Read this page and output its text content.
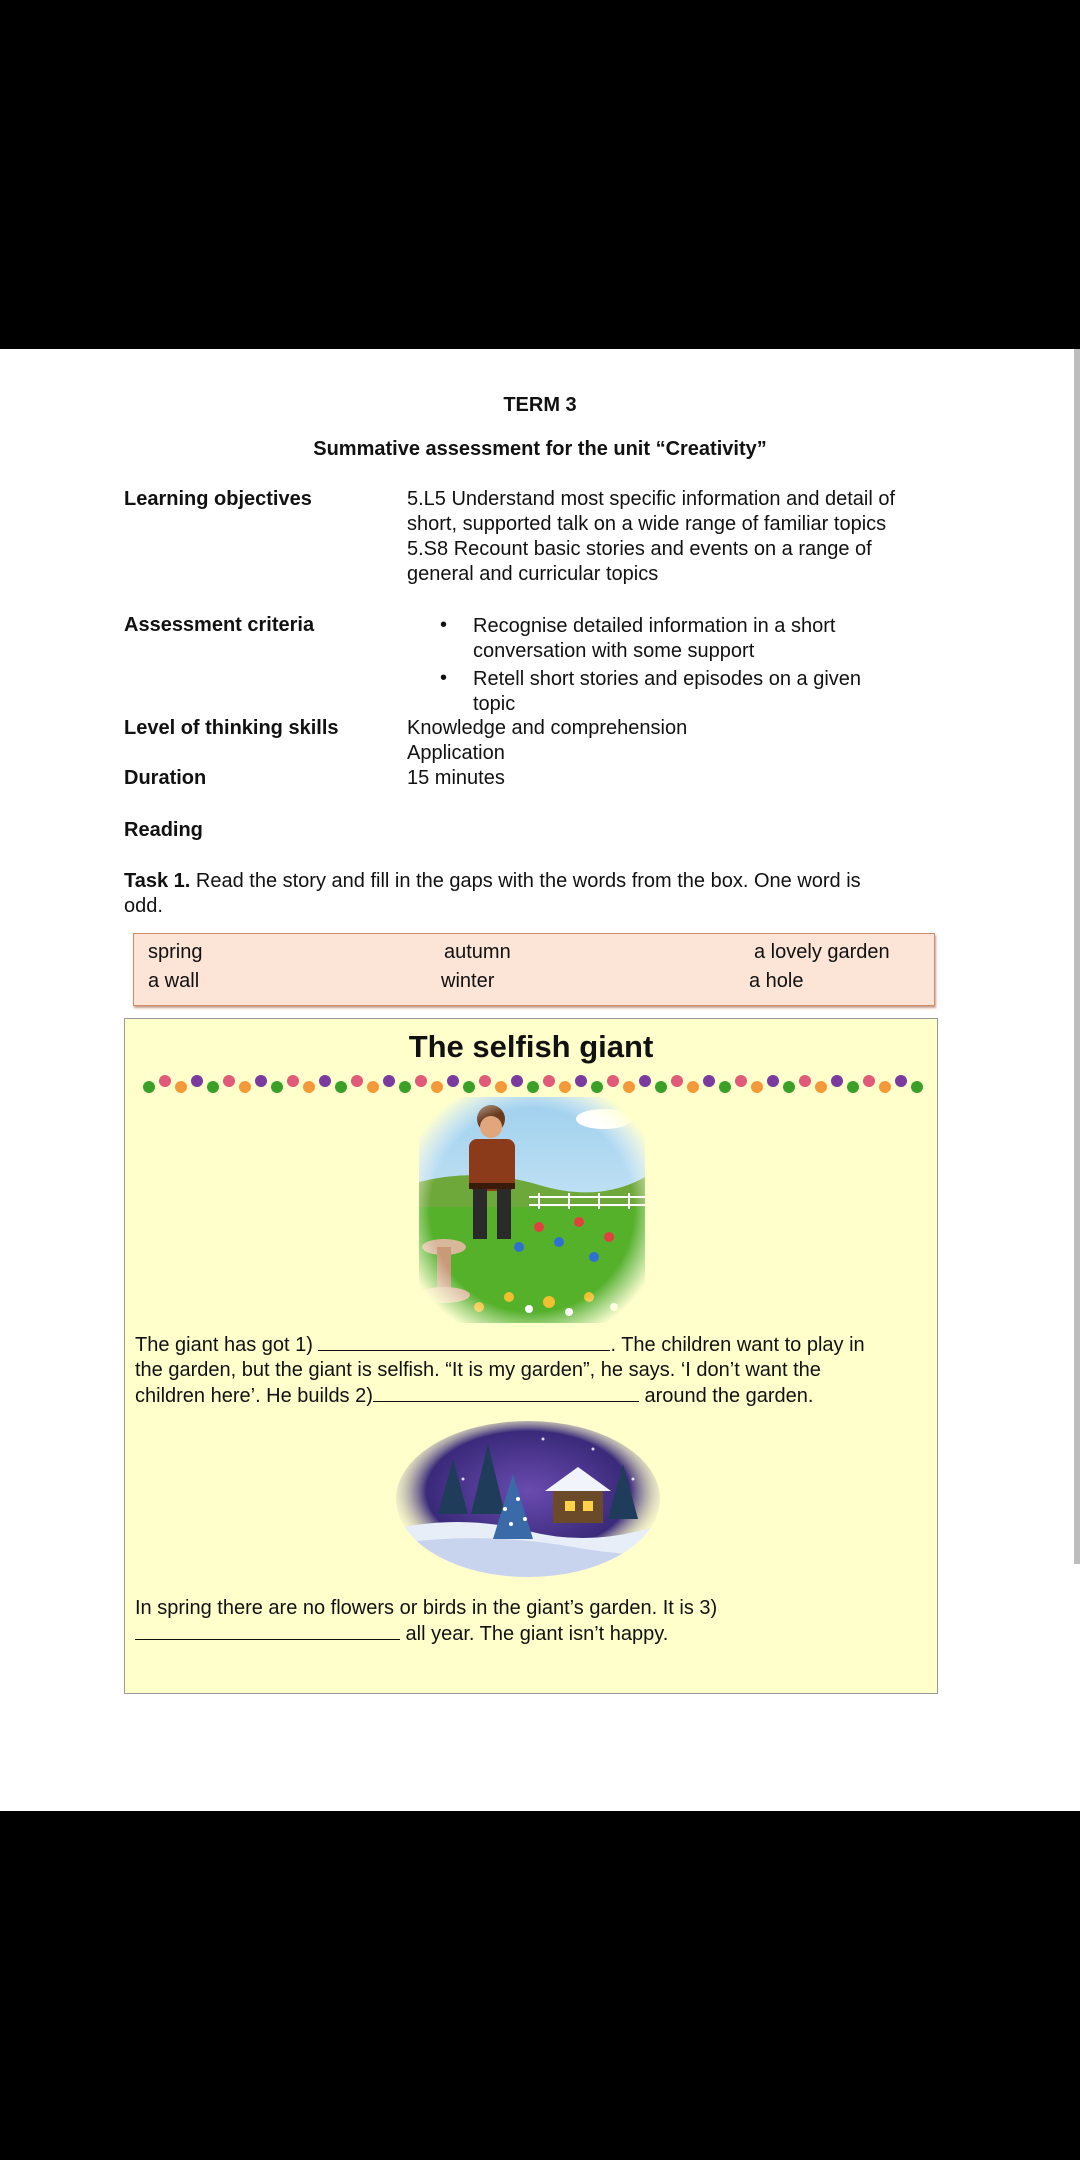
TERM 3
Summative assessment for the unit “Creativity”
Learning objectives	5.L5 Understand most specific information and detail of
short, supported talk on a wide range of familiar topics
5.S8 Recount basic stories and events on a range of
general and curricular topics
Assessment criteria	• Recognise detailed information in a short
conversation with some support
• Retell short stories and episodes on a given
topic
Level of thinking skills	Knowledge and comprehension
Application
Duration	15 minutes
Reading
Task 1. Read the story and fill in the gaps with the words from the box. One word is
odd.
spring	autumn	a lovely garden
a wall	winter	a hole
The selfish giant
The giant has got 1)	. The children want to play in
the garden, but the giant is selfish. “It is my garden”, he says. ‘I don’t want the
children here’. He builds 2)	around the garden.
In spring there are no flowers or birds in the giant’s garden. It is 3)
all year. The giant isn’t happy.
